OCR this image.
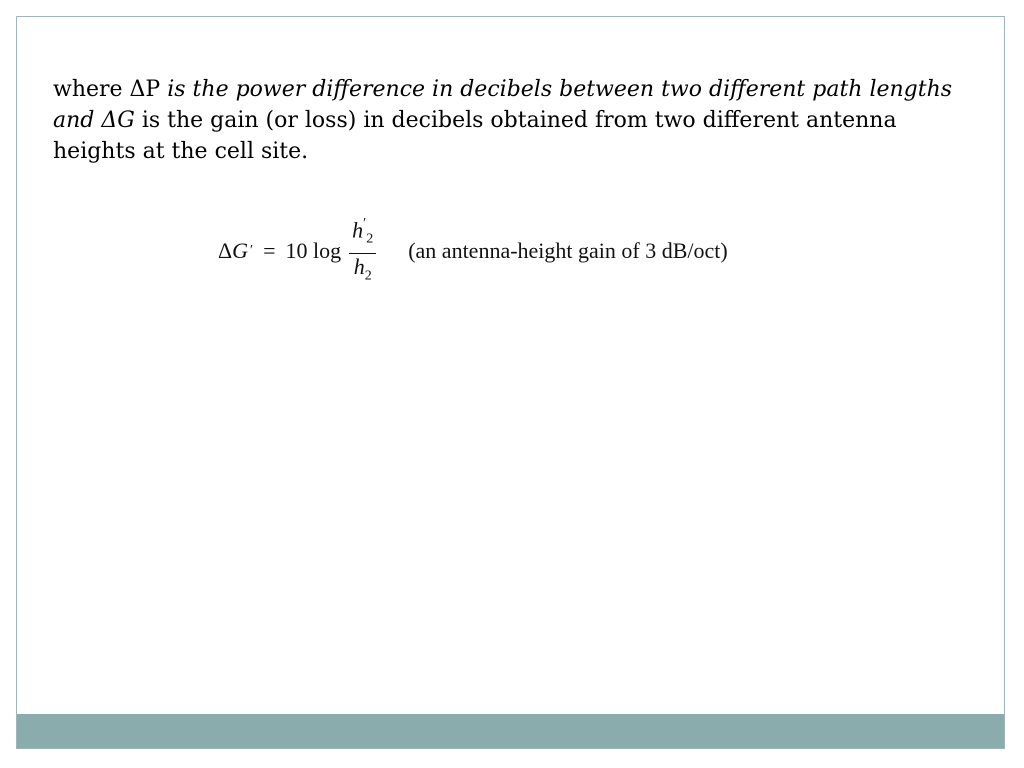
where ΔP is the power difference in decibels between two different path lengths and ΔG is the gain (or loss) in decibels obtained from two different antenna heights at the cell site.
Δ G′ = 10
$\log \frac{h'_2}{h_2} (an$ antenna-height gain of 3 dB/oct)
